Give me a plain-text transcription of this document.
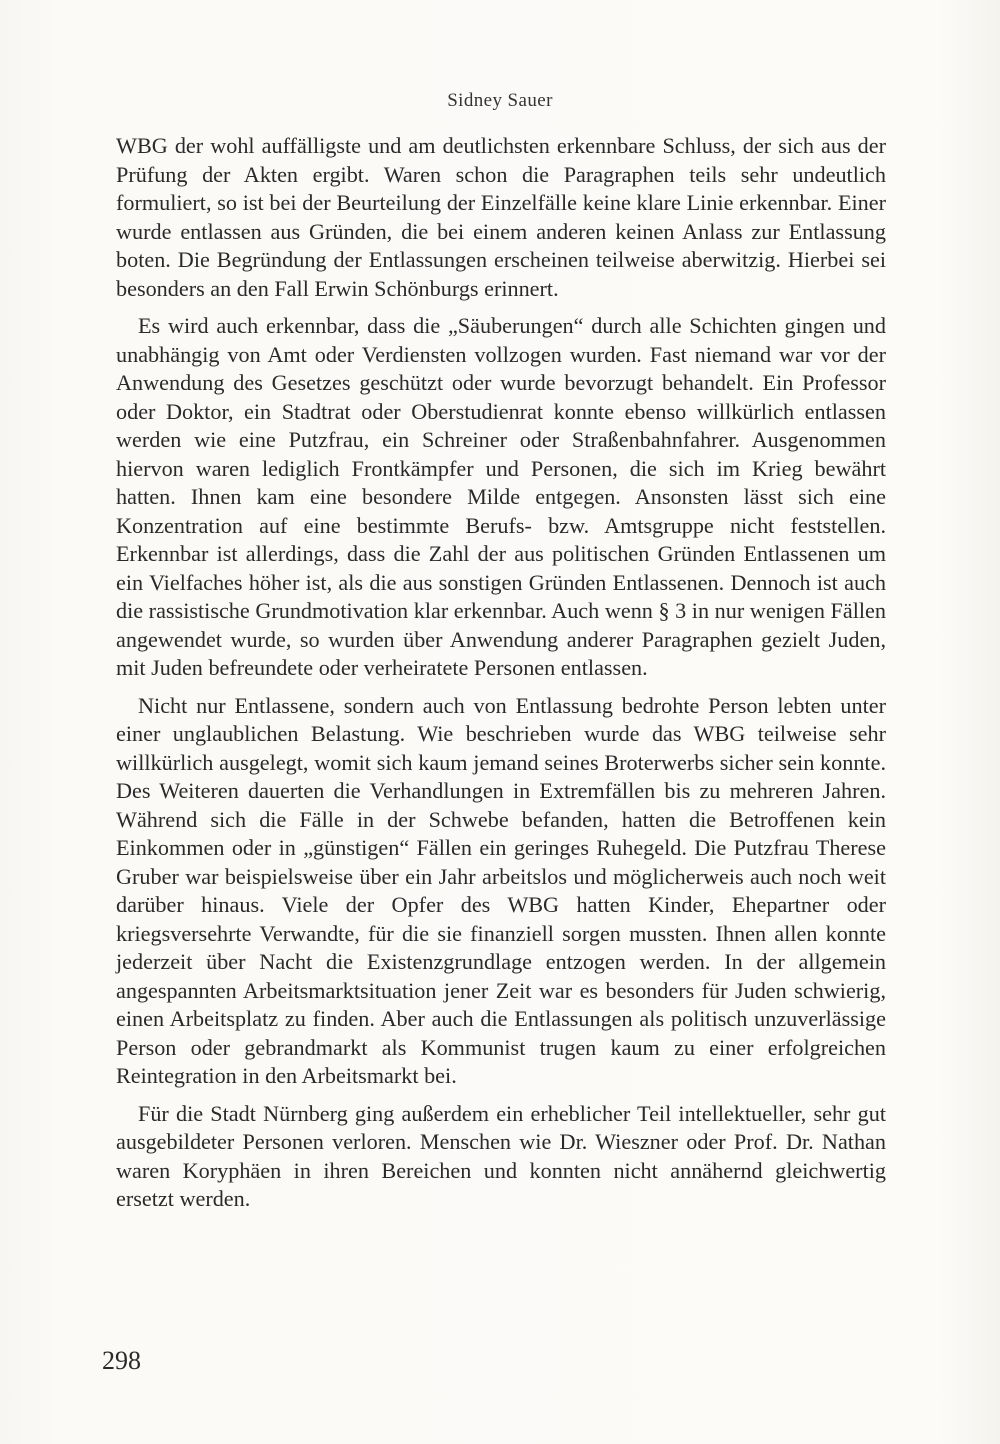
Sidney Sauer

WBG der wohl auffälligste und am deutlichsten erkennbare Schluss, der sich aus der Prüfung der Akten ergibt. Waren schon die Paragraphen teils sehr undeutlich formuliert, so ist bei der Beurteilung der Einzelfälle keine klare Linie erkennbar. Einer wurde entlassen aus Gründen, die bei einem anderen keinen Anlass zur Entlassung boten. Die Begründung der Entlassungen erscheinen teilweise aberwitzig. Hierbei sei besonders an den Fall Erwin Schönburgs erinnert.

Es wird auch erkennbar, dass die „Säuberungen“ durch alle Schichten gingen und unabhängig von Amt oder Verdiensten vollzogen wurden. Fast niemand war vor der Anwendung des Gesetzes geschützt oder wurde bevorzugt behandelt. Ein Professor oder Doktor, ein Stadtrat oder Oberstudienrat konnte ebenso willkürlich entlassen werden wie eine Putzfrau, ein Schreiner oder Straßenbahnfahrer. Ausgenommen hiervon waren lediglich Frontkämpfer und Personen, die sich im Krieg bewährt hatten. Ihnen kam eine besondere Milde entgegen. Ansonsten lässt sich eine Konzentration auf eine bestimmte Berufs- bzw. Amtsgruppe nicht feststellen. Erkennbar ist allerdings, dass die Zahl der aus politischen Gründen Entlassenen um ein Vielfaches höher ist, als die aus sonstigen Gründen Entlassenen. Dennoch ist auch die rassistische Grundmotivation klar erkennbar. Auch wenn § 3 in nur wenigen Fällen angewendet wurde, so wurden über Anwendung anderer Paragraphen gezielt Juden, mit Juden befreundete oder verheiratete Personen entlassen.

Nicht nur Entlassene, sondern auch von Entlassung bedrohte Person lebten unter einer unglaublichen Belastung. Wie beschrieben wurde das WBG teilweise sehr willkürlich ausgelegt, womit sich kaum jemand seines Broterwerbs sicher sein konnte. Des Weiteren dauerten die Verhandlungen in Extremfällen bis zu mehreren Jahren. Während sich die Fälle in der Schwebe befanden, hatten die Betroffenen kein Einkommen oder in „günstigen“ Fällen ein geringes Ruhegeld. Die Putzfrau Therese Gruber war beispielsweise über ein Jahr arbeitslos und möglicherweis auch noch weit darüber hinaus. Viele der Opfer des WBG hatten Kinder, Ehepartner oder kriegsversehrte Verwandte, für die sie finanziell sorgen mussten. Ihnen allen konnte jederzeit über Nacht die Existenzgrundlage entzogen werden. In der allgemein angespannten Arbeitsmarktsituation jener Zeit war es besonders für Juden schwierig, einen Arbeitsplatz zu finden. Aber auch die Entlassungen als politisch unzuverlässige Person oder gebrandmarkt als Kommunist trugen kaum zu einer erfolgreichen Reintegration in den Arbeitsmarkt bei.

Für die Stadt Nürnberg ging außerdem ein erheblicher Teil intellektueller, sehr gut ausgebildeter Personen verloren. Menschen wie Dr. Wieszner oder Prof. Dr. Nathan waren Koryphäen in ihren Bereichen und konnten nicht annähernd gleichwertig ersetzt werden.

298
